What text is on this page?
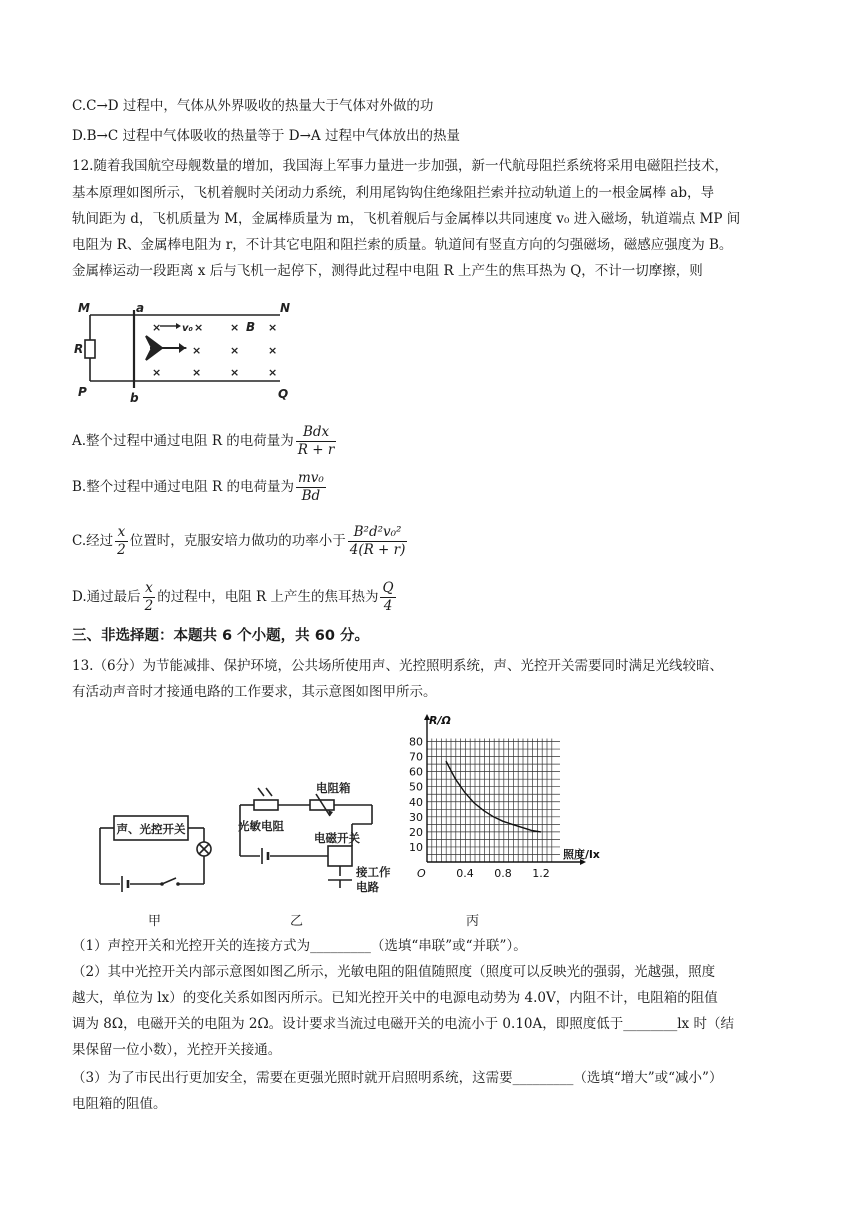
C.C→D 过程中，气体从外界吸收的热量大于气体对外做的功
D.B→C 过程中气体吸收的热量等于 D→A 过程中气体放出的热量
12.随着我国航空母舰数量的增加，我国海上军事力量进一步加强，新一代航母阻拦系统将采用电磁阻拦技术，
基本原理如图所示，飞机着舰时关闭动力系统，利用尾钩钩住绝缘阻拦索并拉动轨道上的一根金属棒 ab，导
轨间距为 d，飞机质量为 M，金属棒质量为 m，飞机着舰后与金属棒以共同速度 v₀ 进入磁场，轨道端点 MP 间
电阻为 R、金属棒电阻为 r，不计其它电阻和阻拦索的质量。轨道间有竖直方向的匀强磁场，磁感应强度为 B。
金属棒运动一段距离 x 后与飞机一起停下，测得此过程中电阻 R 上产生的焦耳热为 Q，不计一切摩擦，则
×	× ×	×
×	×	×
×	×	×	×
M	N
P	Q
a
b
R
B
v₀
A.整个过程中通过电阻 R 的电荷量为 $\frac{\text{Bdx}}{R + r}$
B.整个过程中通过电阻 R 的电荷量为 $\frac{\text{mv₀}}{Bd}$
C.经过 $\frac{x}{2}$ 位置时，克服安培力做功的功率小于 $\frac{\text{B²d²v₀²}}{4(R + r)}$
D.通过最后 $\frac{x}{2}$ 的过程中，电阻 R 上产生的焦耳热为 $\frac{Q}{4}$
三、非选择题：本题共 6 个小题，共 60 分。
13.（6分）为节能减排、保护环境，公共场所使用声、光控照明系统，声、光控开关需要同时满足光线较暗、
有活动声音时才接通电路的工作要求，其示意图如图甲所示。
声、光控开关
甲
光敏电阻
电阻箱
电磁开关
接工作
电路
乙
10
20
30
40
50
60
70
80
0.4 0.8 1.2
O
R/Ω
照度/lx
丙
（1）声控开关和光控开关的连接方式为_________（选填“串联”或“并联”）。
（2）其中光控开关内部示意图如图乙所示，光敏电阻的阻值随照度（照度可以反映光的强弱，光越强，照度
越大，单位为 lx）的变化关系如图丙所示。已知光控开关中的电源电动势为 4.0V，内阻不计，电阻箱的阻值
调为 8Ω，电磁开关的电阻为 2Ω。设计要求当流过电磁开关的电流小于 0.10A，即照度低于________lx 时（结
果保留一位小数），光控开关接通。
（3）为了市民出行更加安全，需要在更强光照时就开启照明系统，这需要_________（选填“增大”或“减小”）
电阻箱的阻值。
